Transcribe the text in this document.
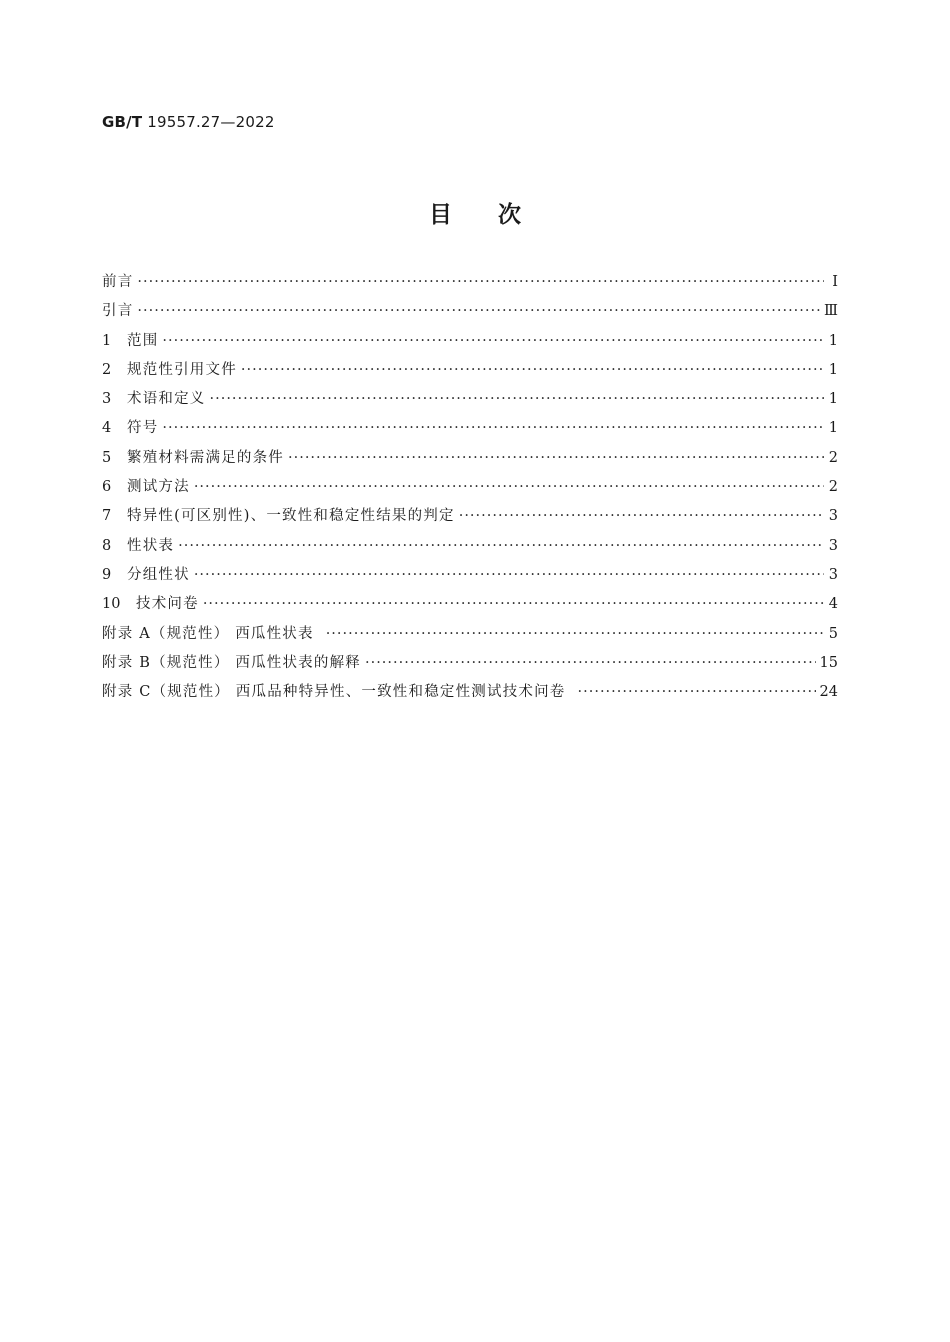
GB/T 19557.27—2022
目 次
前言 ·····	Ⅰ
引言 ·····	Ⅲ
1	范围 ·····	1
2	规范性引用文件 ·····	1
3	术语和定义 ·····	1
4	符号 ·····	1
5	繁殖材料需满足的条件 ·····	2
6	测试方法 ·····	2
7	特异性(可区别性)、一致性和稳定性结果的判定 ·····	3
8	性状表 ·····	3
9	分组性状 ·····	3
10	技术问卷 ·····	4
附录 A（规范性） 西瓜性状表 ·····	5
附录 B（规范性） 西瓜性状表的解释 ·····	15
附录 C（规范性） 西瓜品种特异性、一致性和稳定性测试技术问卷 ·····	24
